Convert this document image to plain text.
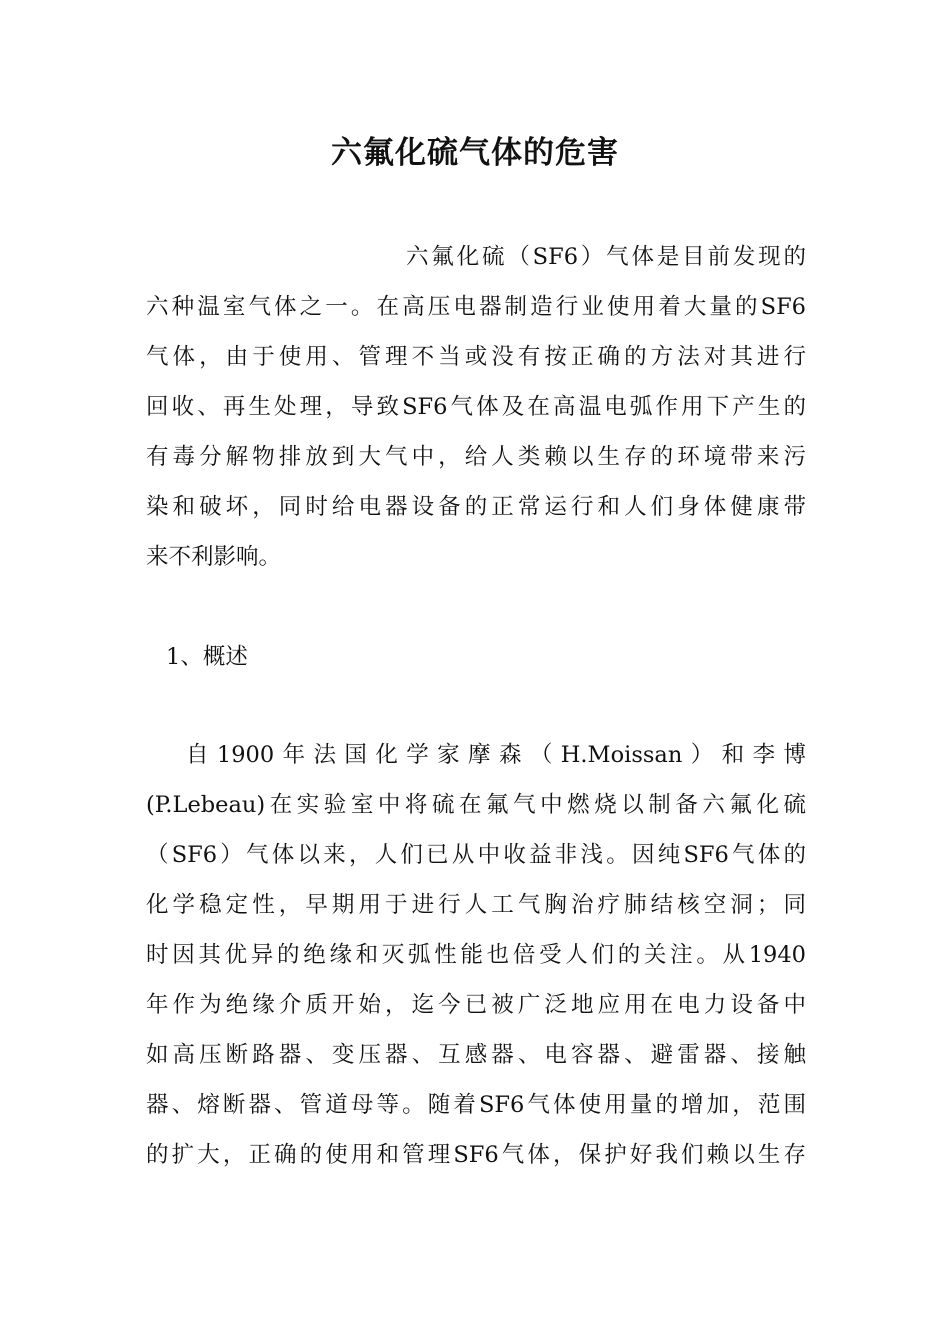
六氟化硫气体的危害

六氟化硫（SF6）气体是目前发现的

六种温室气体之一。在高压电器制造行业使用着大量的SF6

气体，由于使用、管理不当或没有按正确的方法对其进行

回收、再生处理，导致SF6气体及在高温电弧作用下产生的

有毒分解物排放到大气中，给人类赖以生存的环境带来污

染和破坏，同时给电器设备的正常运行和人们身体健康带

来不利影响。

1、概述

自1900年法国化学家摩森（H.Moissan）和李博

(P.Lebeau)在实验室中将硫在氟气中燃烧以制备六氟化硫

（SF6）气体以来，人们已从中收益非浅。因纯SF6气体的

化学稳定性，早期用于进行人工气胸治疗肺结核空洞；同

时因其优异的绝缘和灭弧性能也倍受人们的关注。从1940

年作为绝缘介质开始，迄今已被广泛地应用在电力设备中

如高压断路器、变压器、互感器、电容器、避雷器、接触

器、熔断器、管道母等。随着SF6气体使用量的增加，范围

的扩大，正确的使用和管理SF6气体，保护好我们赖以生存
